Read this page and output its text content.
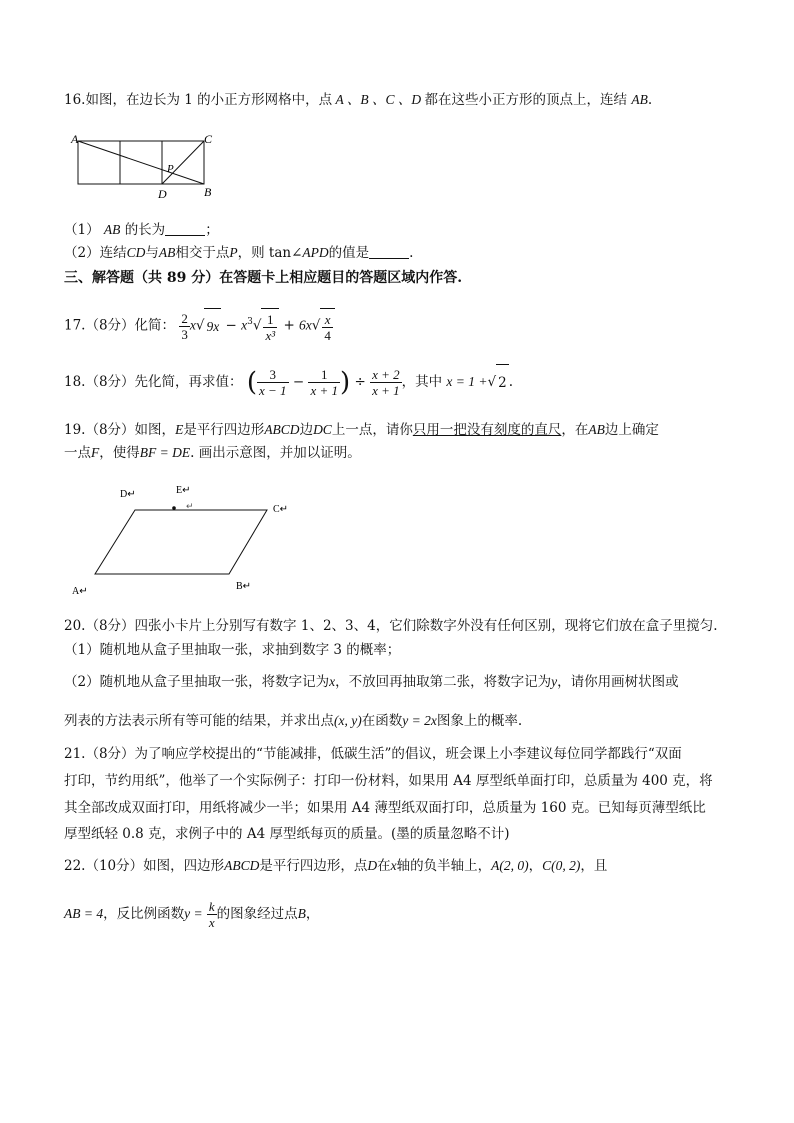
16.如图，在边长为 1 的小正方形网格中，点 A 、B 、C 、D 都在这些小正方形的顶点上，连结 AB.
A	C
D	B
P
（1） AB 的长为	；
（2）连结CD与AB相交于点P，则 tan∠APD的值是	.
三、解答题（共 89 分）在答题卡上相应题目的答题区域内作答.
17.（8分）化简： $\frac{2}{3} x√$ $9x - x^3√ \frac{1}{\text{x³}} + 6x√ \frac{x}{4}$
18.（8分）先化简，再求值： ( $\frac{3}{x - 1} - \frac{1}{x + 1}$ ) ÷ $\frac{x + 2}{x + 1}$ ，其中 x = 1 +√ 2 .
19.（8分）如图，E是平行四边形ABCD边DC上一点，请你只用一把没有刻度的直尺，在AB边上确定
一点F，使得BF = DE. 画出示意图，并加以证明。
D↵	E↵
↵	C↵
A↵	B↵
20.（8分）四张小卡片上分别写有数字 1、2、3、4，它们除数字外没有任何区别，现将它们放在盒子里搅匀.
（1）随机地从盒子里抽取一张，求抽到数字 3 的概率；
（2）随机地从盒子里抽取一张，将数字记为x，不放回再抽取第二张，将数字记为y，请你用画树状图或
列表的方法表示所有等可能的结果，并求出点(x, y)在函数y = 2x图象上的概率.
21.（8分）为了响应学校提出的“节能减排，低碳生活”的倡议，班会课上小李建议每位同学都践行“双面
打印，节约用纸”，他举了一个实际例子：打印一份材料，如果用 A4 厚型纸单面打印，总质量为 400 克，将
其全部改成双面打印，用纸将减少一半；如果用 A4 薄型纸双面打印，总质量为 160 克。已知每页薄型纸比
厚型纸轻 0.8 克，求例子中的 A4 厚型纸每页的质量。(墨的质量忽略不计)
22.（10分）如图，四边形ABCD是平行四边形，点D在x轴的负半轴上，A(2, 0)，C(0, 2)，且
AB = 4，反比例函数$y = \frac{k}{x}$ 的图象经过点B，
